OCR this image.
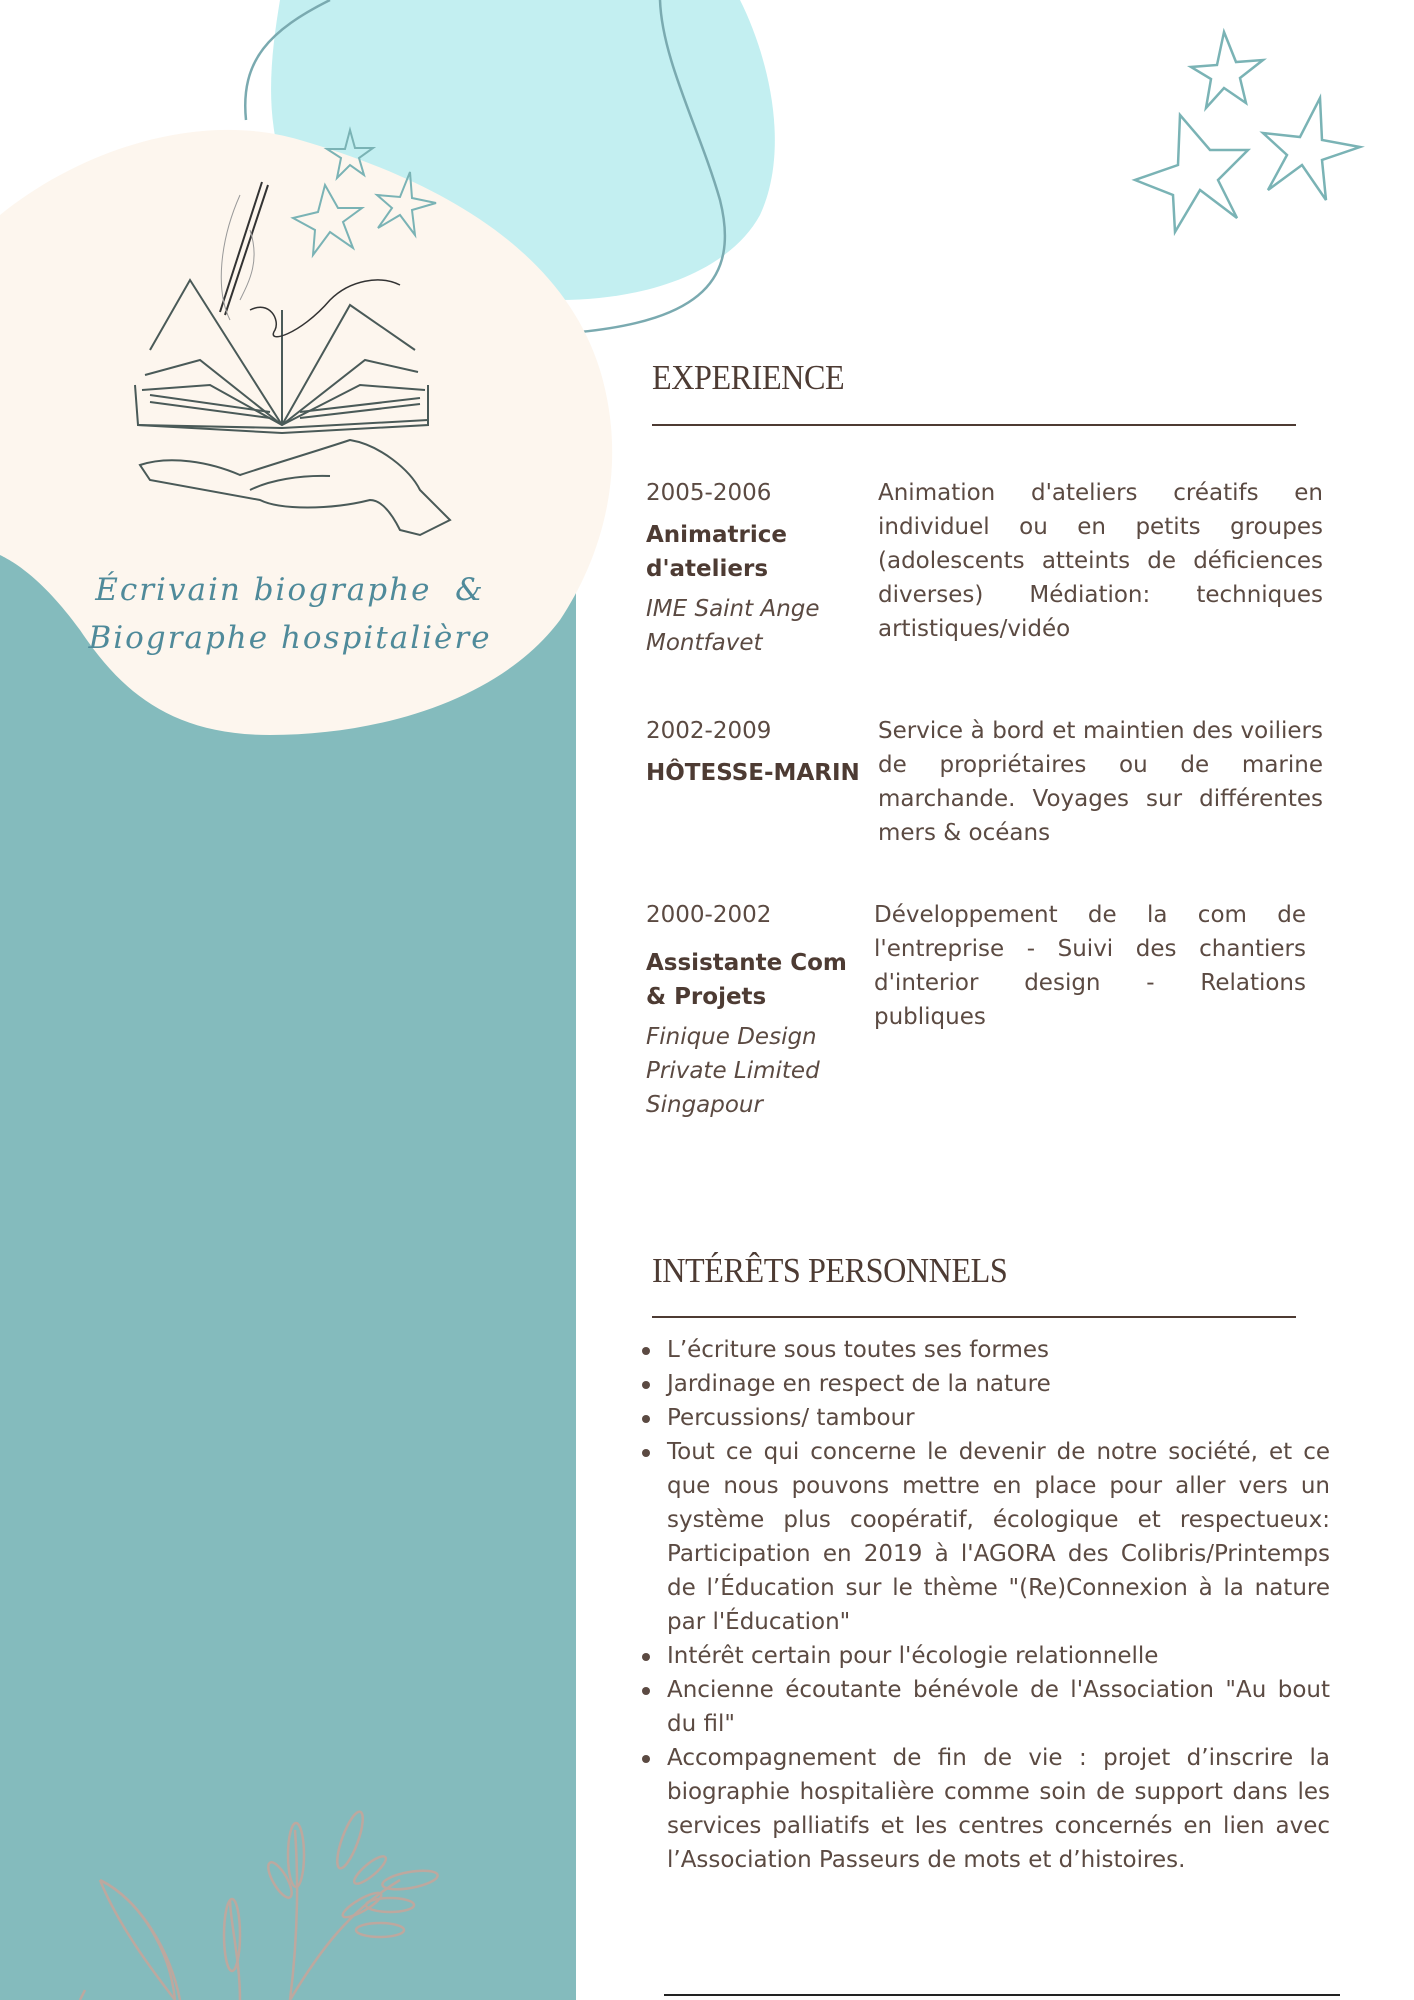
Écrivain biographe  &
Biographe hospitalière
EXPERIENCE
2005-2006
Animatrice
d'ateliers
IME Saint Ange
Montfavet
Animation d'ateliers créatifs en individuel ou en petits groupes (adolescents atteints de déficiences diverses) Médiation: techniques artistiques/vidéo
2002-2009
HÔTESSE-MARIN
Service à bord et maintien des voiliers de propriétaires ou de marine marchande. Voyages sur différentes mers & océans
2000-2002
Assistante Com
& Projets
Finique Design
Private Limited
Singapour
Développement de la com de l'entreprise - Suivi des chantiers d'interior design - Relations publiques
INTÉRÊTS PERSONNELS
L’écriture sous toutes ses formes
Jardinage en respect de la nature
Percussions/ tambour
Tout ce qui concerne le devenir de notre société, et ce que nous pouvons mettre en place pour aller vers un système plus coopératif, écologique et respectueux: Participation en 2019 à l'AGORA des Colibris/Printemps de l’Éducation sur le thème "(Re)Connexion à la nature par l'Éducation"
Intérêt certain pour l'écologie relationnelle
Ancienne écoutante bénévole de l'Association "Au bout du fil"
Accompagnement de fin de vie : projet d’inscrire la biographie hospitalière comme soin de support dans les services palliatifs et les centres concernés en lien avec l’Association Passeurs de mots et d’histoires.
